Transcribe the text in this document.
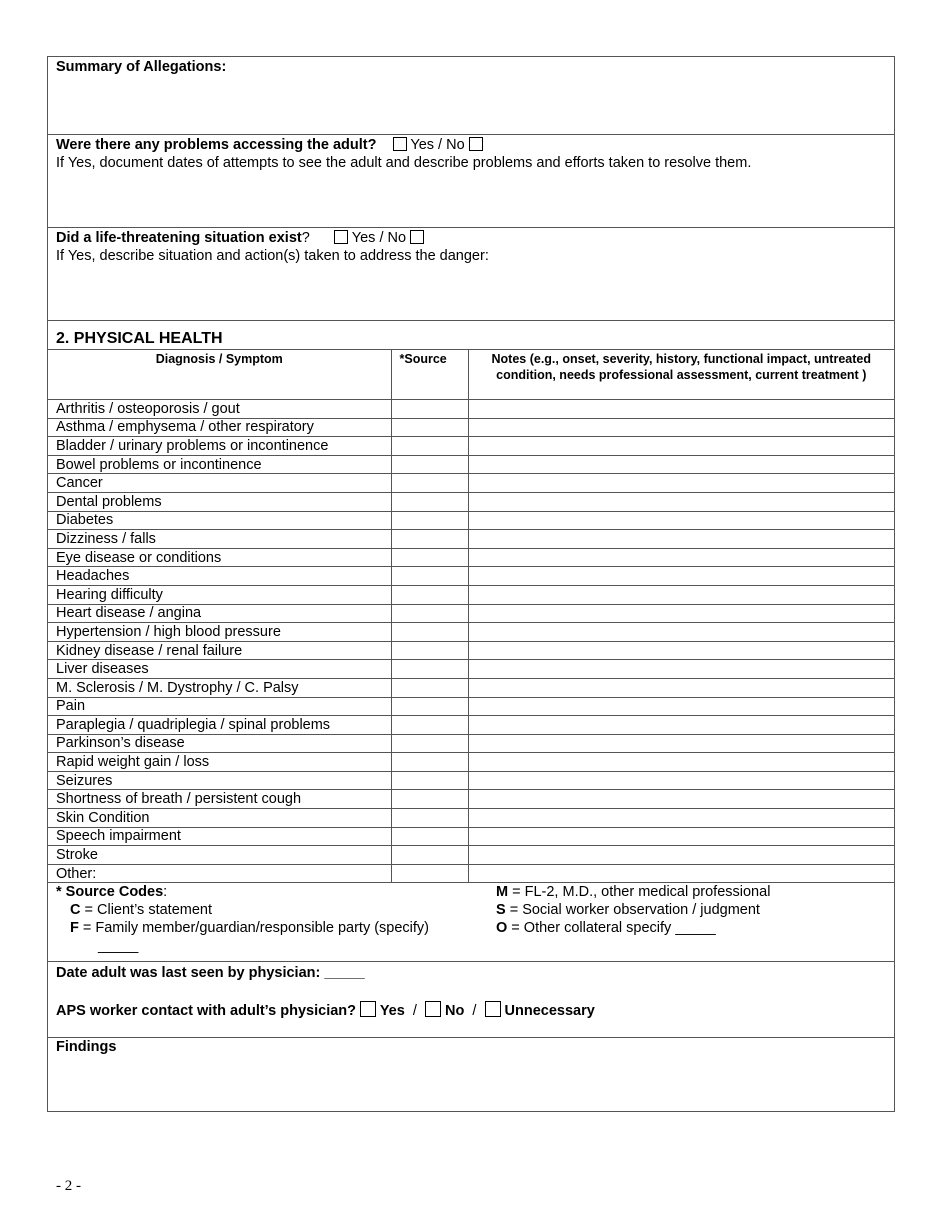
Summary of Allegations:
Were there any problems accessing the adult? Yes / No
If Yes, document dates of attempts to see the adult and describe problems and efforts taken to resolve them.
Did a life-threatening situation exist?	Yes / No
If Yes, describe situation and action(s) taken to address the danger:
2. PHYSICAL HEALTH
Diagnosis / Symptom	*Source	Notes (e.g., onset, severity, history, functional impact, untreated condition, needs professional assessment, current treatment )
Arthritis / osteoporosis / gout		
Asthma / emphysema / other respiratory		
Bladder / urinary problems or incontinence		
Bowel problems or incontinence		
Cancer		
Dental problems		
Diabetes		
Dizziness / falls		
Eye disease or conditions		
Headaches		
Hearing difficulty		
Heart disease / angina		
Hypertension / high blood pressure		
Kidney disease / renal failure		
Liver diseases		
M. Sclerosis / M. Dystrophy / C. Palsy		
Pain		
Paraplegia / quadriplegia / spinal problems		
Parkinson’s disease		
Rapid weight gain / loss		
Seizures		
Shortness of breath / persistent cough		
Skin Condition		
Speech impairment		
Stroke		
Other:		
* Source Codes:
C = Client’s statement
F = Family member/guardian/responsible party (specify)
_____
M = FL-2, M.D., other medical professional
S = Social worker observation / judgment
O = Other collateral specify _____
Date adult was last seen by physician: _____
APS worker contact with adult’s physician? Yes / No / Unnecessary
Findings
- 2 -
